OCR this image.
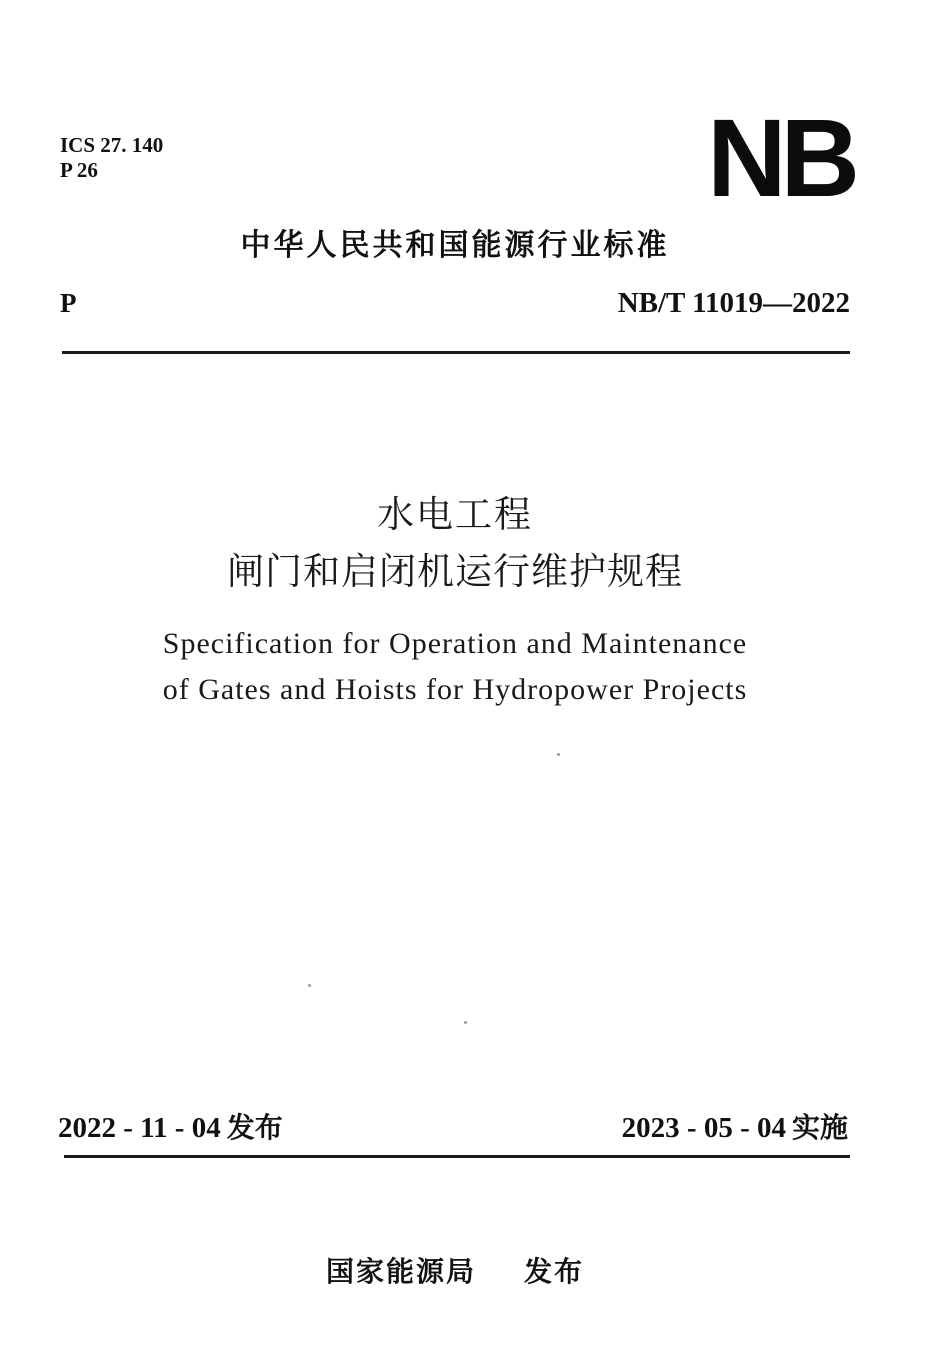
ICS 27. 140
P 26	NB
中华人民共和国能源行业标准
P	NB/T 11019—2022
水电工程
闸门和启闭机运行维护规程
Specification for Operation and Maintenance
of Gates and Hoists for Hydropower Projects
2022 - 11 - 04 发布	2023 - 05 - 04 实施
国家能源局 发布
